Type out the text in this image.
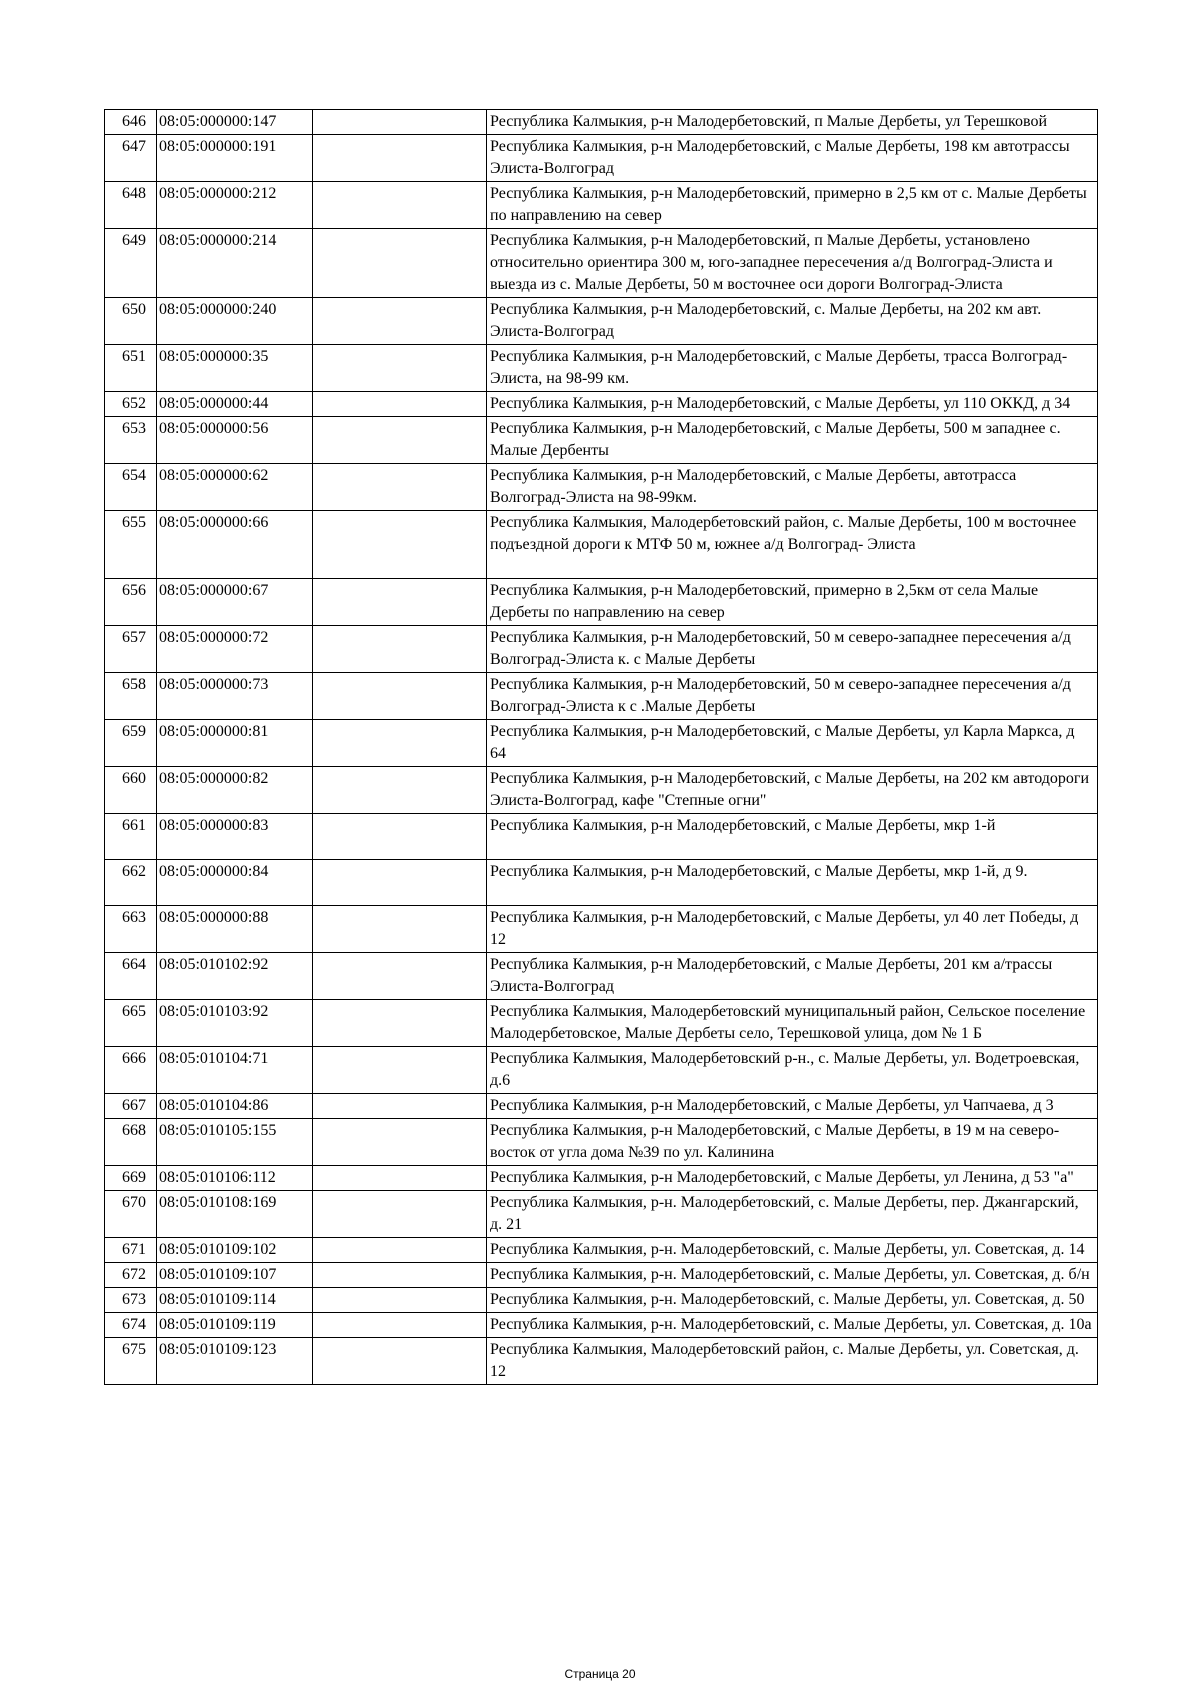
646	08:05:000000:147		Республика Калмыкия, р-н Малодербетовский, п Малые Дербеты, ул Терешковой
647	08:05:000000:191		Республика Калмыкия, р-н Малодербетовский, с Малые Дербеты, 198 км автотрассы Элиста-Волгоград
648	08:05:000000:212		Республика Калмыкия, р-н Малодербетовский, примерно в 2,5 км от с. Малые Дербеты по направлению на север
649	08:05:000000:214		Республика Калмыкия, р-н Малодербетовский, п Малые Дербеты, установлено относительно ориентира 300 м, юго-западнее пересечения а/д Волгоград-Элиста и выезда из с. Малые Дербеты, 50 м восточнее оси дороги Волгоград-Элиста
650	08:05:000000:240		Республика Калмыкия, р-н Малодербетовский, с. Малые Дербеты, на 202 км авт. Элиста-Волгоград
651	08:05:000000:35		Республика Калмыкия, р-н Малодербетовский, с Малые Дербеты, трасса Волгоград-Элиста, на 98-99 км.
652	08:05:000000:44		Республика Калмыкия, р-н Малодербетовский, с Малые Дербеты, ул 110 ОККД, д 34
653	08:05:000000:56		Республика Калмыкия, р-н Малодербетовский, с Малые Дербеты, 500 м западнее с. Малые Дербенты
654	08:05:000000:62		Республика Калмыкия, р-н Малодербетовский, с Малые Дербеты, автотрасса Волгоград-Элиста на 98-99км.
655	08:05:000000:66		Республика Калмыкия, Малодербетовский район, с. Малые Дербеты, 100 м восточнее подъездной дороги к МТФ 50 м, южнее а/д Волгоград- Элиста
656	08:05:000000:67		Республика Калмыкия, р-н Малодербетовский, примерно в 2,5км от села Малые Дербеты по направлению на север
657	08:05:000000:72		Республика Калмыкия, р-н Малодербетовский, 50 м северо-западнее пересечения а/д Волгоград-Элиста к. с Малые Дербеты
658	08:05:000000:73		Республика Калмыкия, р-н Малодербетовский, 50 м северо-западнее пересечения а/д Волгоград-Элиста к с .Малые Дербеты
659	08:05:000000:81		Республика Калмыкия, р-н Малодербетовский, с Малые Дербеты, ул Карла Маркса, д 64
660	08:05:000000:82		Республика Калмыкия, р-н Малодербетовский, с Малые Дербеты, на 202 км автодороги Элиста-Волгоград, кафе "Степные огни"
661	08:05:000000:83		Республика Калмыкия, р-н Малодербетовский, с Малые Дербеты, мкр 1-й
662	08:05:000000:84		Республика Калмыкия, р-н Малодербетовский, с Малые Дербеты, мкр 1-й, д 9.
663	08:05:000000:88		Республика Калмыкия, р-н Малодербетовский, с Малые Дербеты, ул 40 лет Победы, д 12
664	08:05:010102:92		Республика Калмыкия, р-н Малодербетовский, с Малые Дербеты, 201 км а/трассы Элиста-Волгоград
665	08:05:010103:92		Республика Калмыкия, Малодербетовский муниципальный район, Сельское поселение Малодербетовское, Малые Дербеты село, Терешковой улица, дом № 1 Б
666	08:05:010104:71		Республика Калмыкия, Малодербетовский р-н., с. Малые Дербеты, ул. Водетроевская, д.6
667	08:05:010104:86		Республика Калмыкия, р-н Малодербетовский, с Малые Дербеты, ул Чапчаева, д 3
668	08:05:010105:155		Республика Калмыкия, р-н Малодербетовский, с Малые Дербеты, в 19 м на северо-восток от угла дома №39 по ул. Калинина
669	08:05:010106:112		Республика Калмыкия, р-н Малодербетовский, с Малые Дербеты, ул Ленина, д 53 "а"
670	08:05:010108:169		Республика Калмыкия, р-н. Малодербетовский, с. Малые Дербеты, пер. Джангарский, д. 21
671	08:05:010109:102		Республика Калмыкия, р-н. Малодербетовский, с. Малые Дербеты, ул. Советская, д. 14
672	08:05:010109:107		Республика Калмыкия, р-н. Малодербетовский, с. Малые Дербеты, ул. Советская, д. б/н
673	08:05:010109:114		Республика Калмыкия, р-н. Малодербетовский, с. Малые Дербеты, ул. Советская, д. 50
674	08:05:010109:119		Республика Калмыкия, р-н. Малодербетовский, с. Малые Дербеты, ул. Советская, д. 10а
675	08:05:010109:123		Республика Калмыкия, Малодербетовский район, с. Малые Дербеты, ул. Советская, д. 12
Страница 20
